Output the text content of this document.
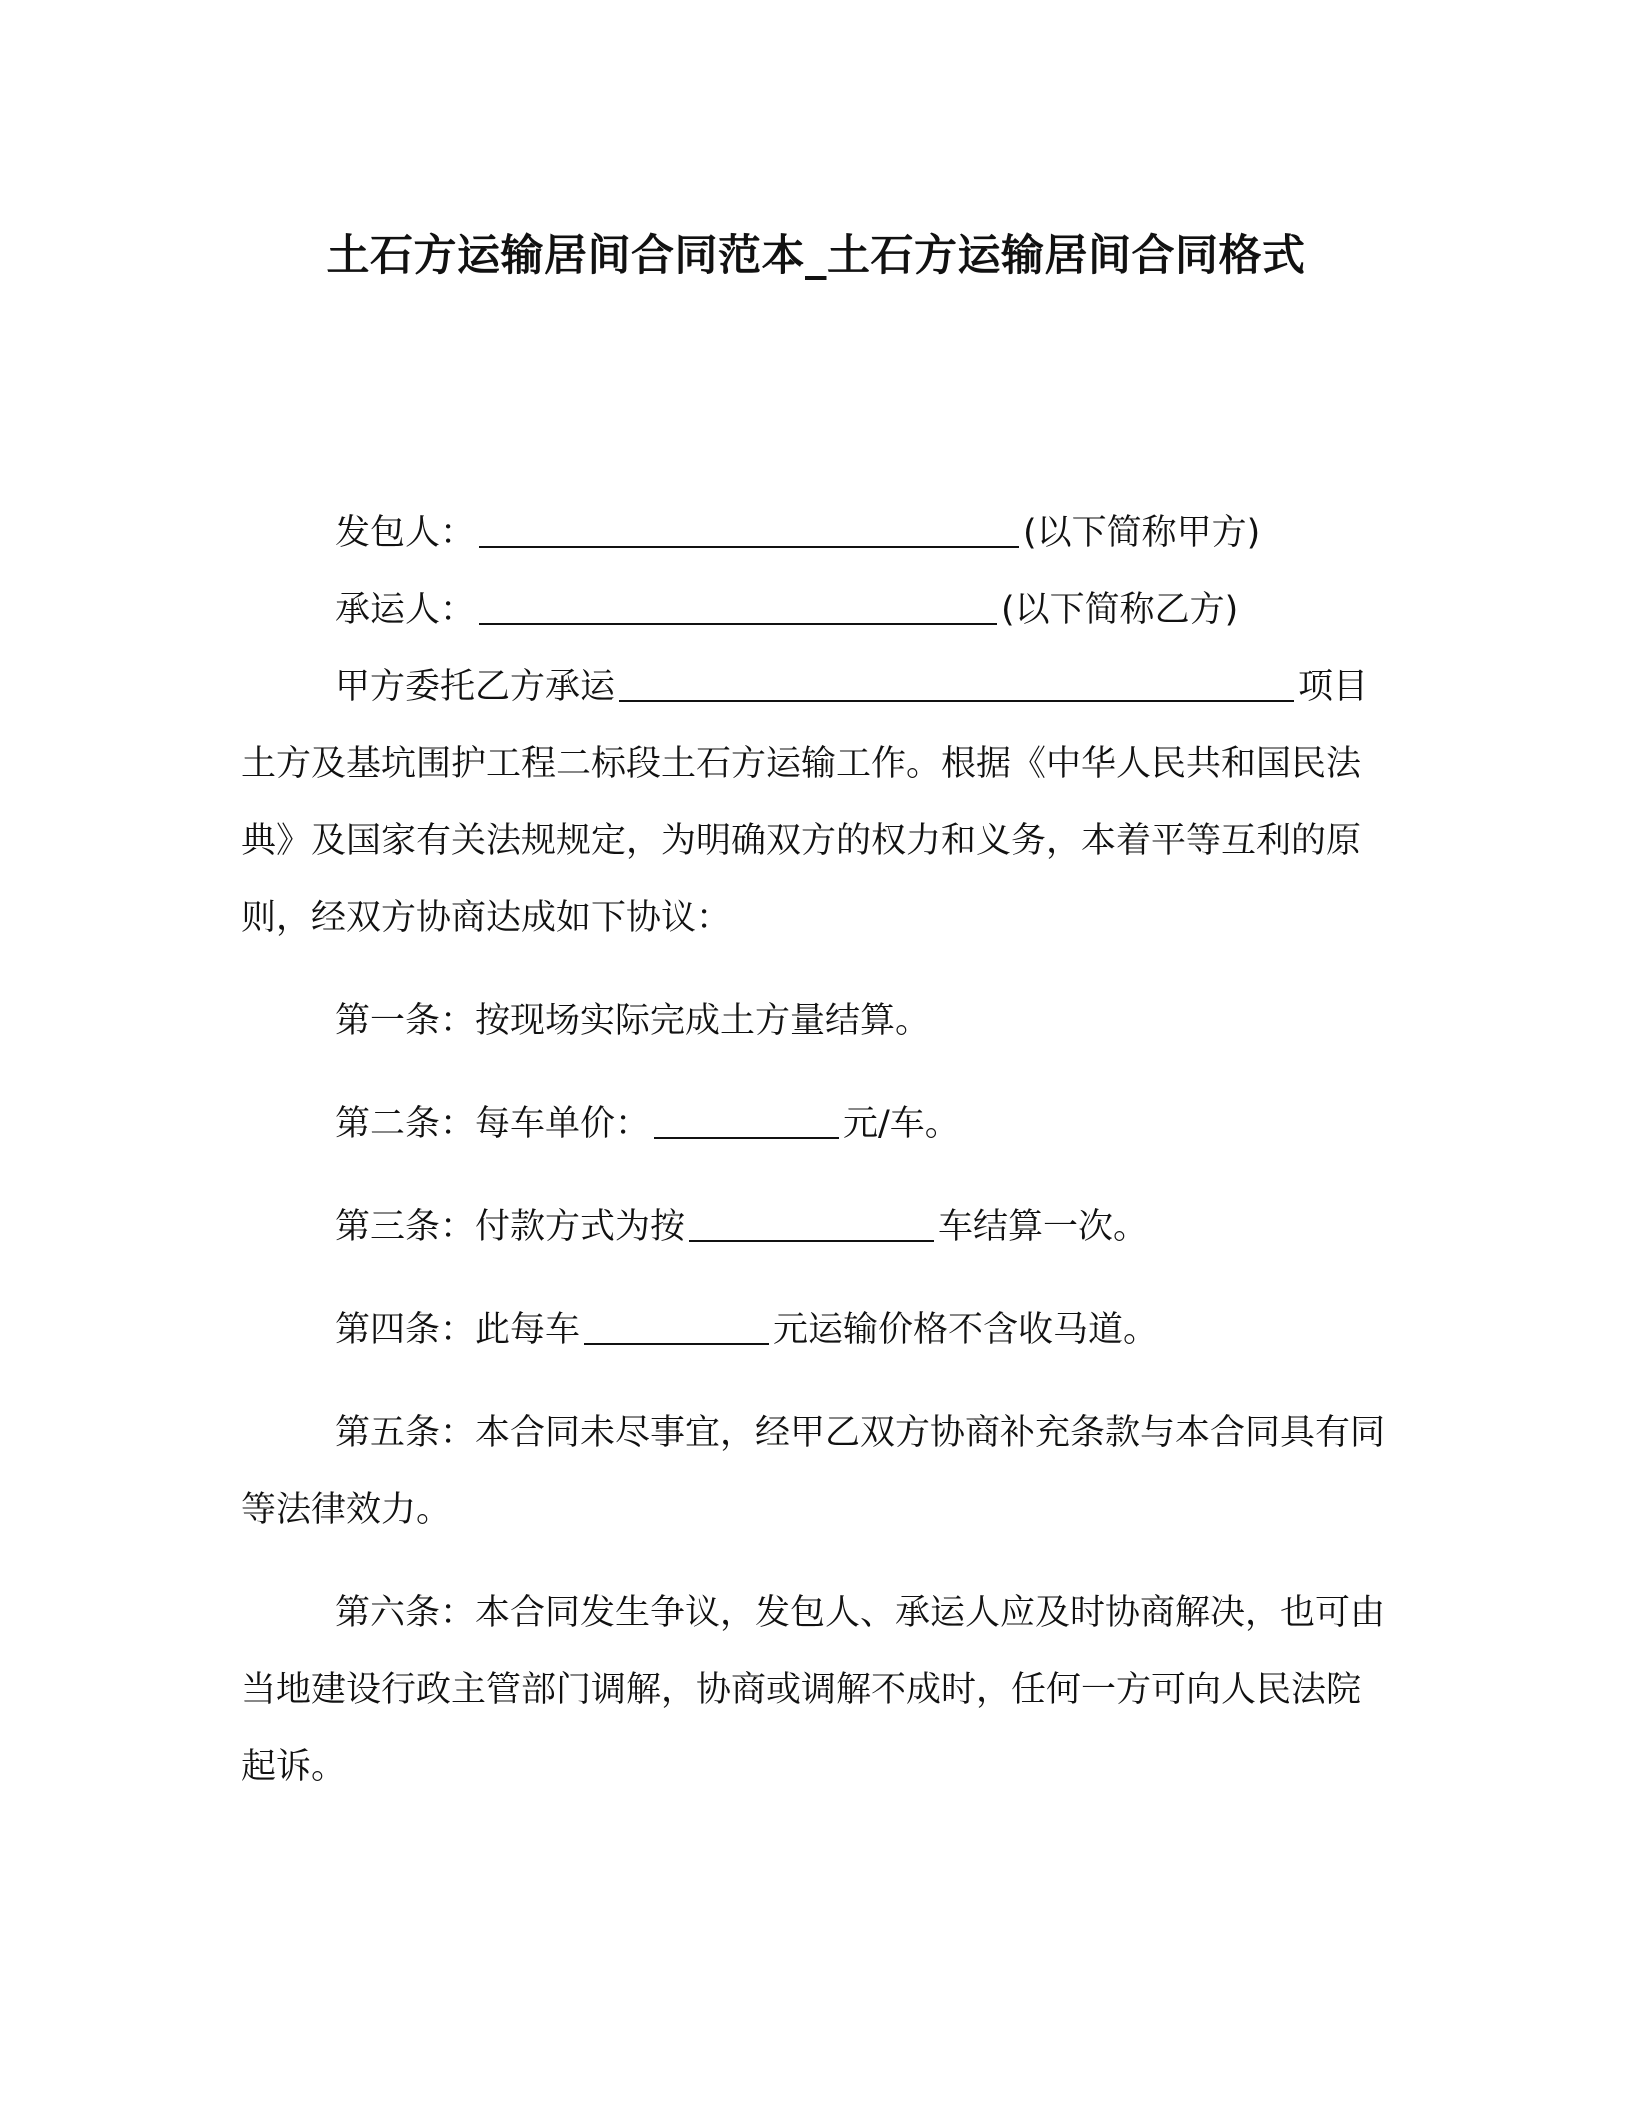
土石方运输居间合同范本_土石方运输居间合同格式

发包人：	(以下简称甲方)

承运人：	(以下简称乙方)

甲方委托乙方承运	项目土方及基坑围护工程二标段土石方运输工作。根据《中华人民共和国民法典》及国家有关法规规定，为明确双方的权力和义务，本着平等互利的原则，经双方协商达成如下协议：

第一条：按现场实际完成土方量结算。

第二条：每车单价：	元/车。

第三条：付款方式为按	车结算一次。

第四条：此每车	元运输价格不含收马道。

第五条：本合同未尽事宜，经甲乙双方协商补充条款与本合同具有同等法律效力。

第六条：本合同发生争议，发包人、承运人应及时协商解决，也可由当地建设行政主管部门调解，协商或调解不成时，任何一方可向人民法院起诉。
